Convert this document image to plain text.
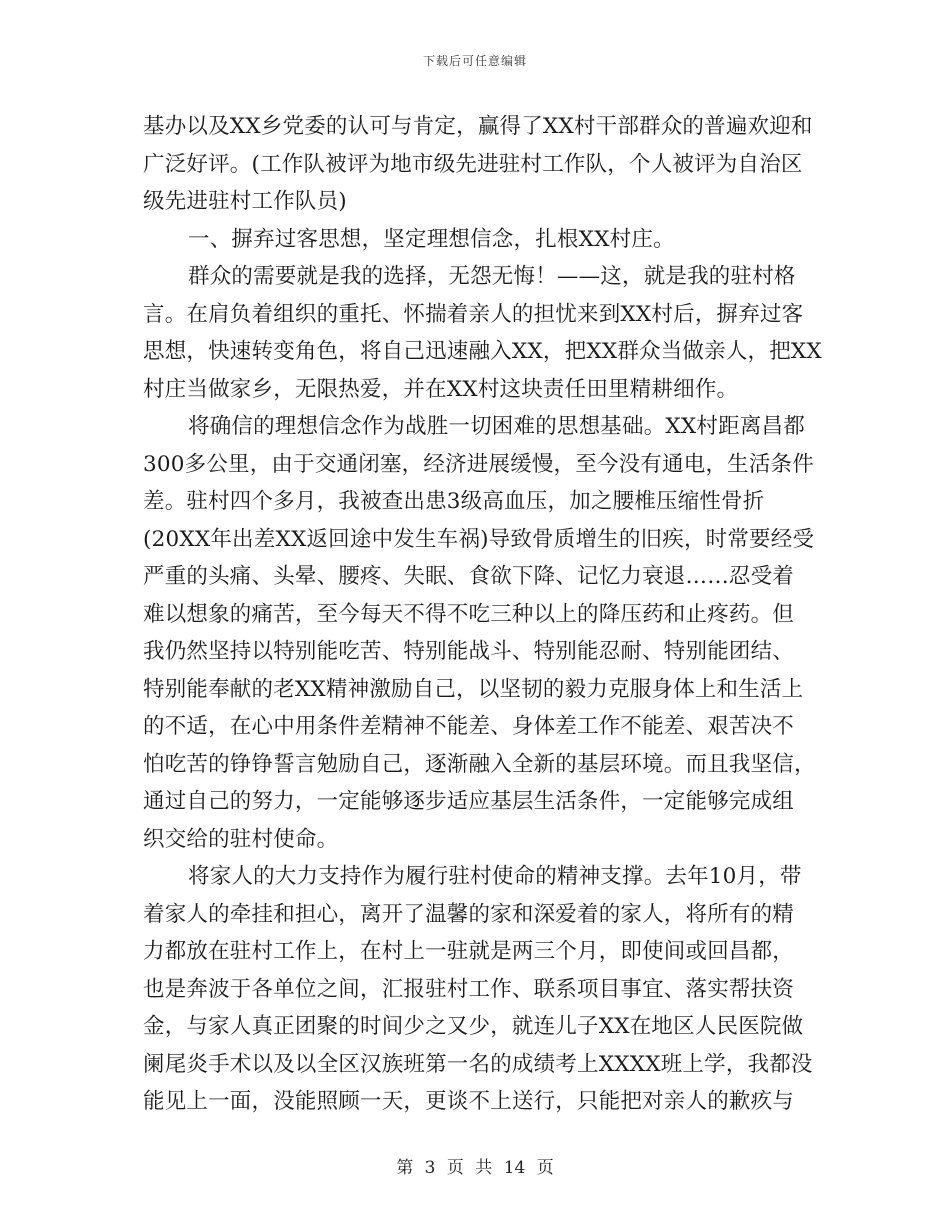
下载后可任意编辑
基办以及XX乡党委的认可与肯定，赢得了XX村干部群众的普遍欢迎和
广泛好评。(工作队被评为地市级先进驻村工作队，个人被评为自治区
级先进驻村工作队员)
一、摒弃过客思想，坚定理想信念，扎根XX村庄。
群众的需要就是我的选择，无怨无悔！——这，就是我的驻村格
言。在肩负着组织的重托、怀揣着亲人的担忧来到XX村后，摒弃过客
思想，快速转变角色，将自己迅速融入XX，把XX群众当做亲人，把XX
村庄当做家乡，无限热爱，并在XX村这块责任田里精耕细作。
将确信的理想信念作为战胜一切困难的思想基础。XX村距离昌都
300多公里，由于交通闭塞，经济进展缓慢，至今没有通电，生活条件
差。驻村四个多月，我被查出患3级高血压，加之腰椎压缩性骨折
(20XX年出差XX返回途中发生车祸)导致骨质增生的旧疾，时常要经受
严重的头痛、头晕、腰疼、失眠、食欲下降、记忆力衰退……忍受着
难以想象的痛苦，至今每天不得不吃三种以上的降压药和止疼药。但
我仍然坚持以特别能吃苦、特别能战斗、特别能忍耐、特别能团结、
特别能奉献的老XX精神激励自己，以坚韧的毅力克服身体上和生活上
的不适，在心中用条件差精神不能差、身体差工作不能差、艰苦决不
怕吃苦的铮铮誓言勉励自己，逐渐融入全新的基层环境。而且我坚信，
通过自己的努力，一定能够逐步适应基层生活条件，一定能够完成组
织交给的驻村使命。
将家人的大力支持作为履行驻村使命的精神支撑。去年10月，带
着家人的牵挂和担心，离开了温馨的家和深爱着的家人，将所有的精
力都放在驻村工作上，在村上一驻就是两三个月，即使间或回昌都，
也是奔波于各单位之间，汇报驻村工作、联系项目事宜、落实帮扶资
金，与家人真正团聚的时间少之又少，就连儿子XX在地区人民医院做
阑尾炎手术以及以全区汉族班第一名的成绩考上XXXX班上学，我都没
能见上一面，没能照顾一天，更谈不上送行，只能把对亲人的歉疚与
第 3 页 共 14 页
